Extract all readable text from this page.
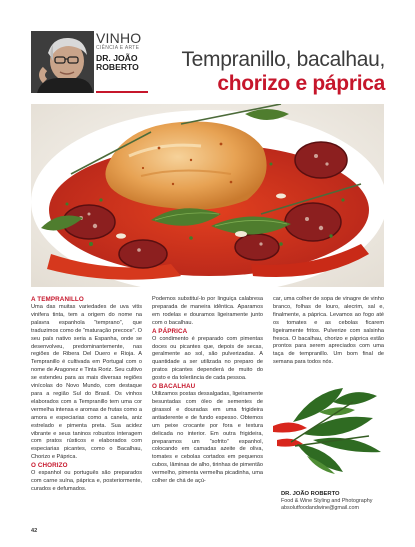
VINHO
CIÊNCIA E ARTE
DR. JOÃO
ROBERTO	Tempranillo, bacalhau,
chorizo e páprica

A TEMPRANILLO

Uma das muitas variedades de uva vitis vinifera tinta, tem a origem do nome na palavra espanhola “temprano”, que traduzimos como de “maturação precoce”. O seu país nativo seria a Espanha, onde se desenvolveu, predominantemente, nas regiões de Ribera Del Duero e Rioja. A Tempranillo é cultivada em Portugal com o nome de Aragonez e Tinta Roriz. Seu cultivo se estendeu para as mais diversas regiões vinícolas do Novo Mundo, com destaque para a região Sul do Brasil. Os vinhos elaborados com a Tempranillo tem uma cor vermelha intensa e aromas de frutas como a amora e especiarias como a canela, aniz estrelado e pimenta preta. Sua acidez vibrante e seus taninos robustos interagem com pratos rústicos e elaborados com especiarias picantes, como o Bacalhau, Chorizo e Páprica.

O CHORIZO

O espanhol ou português são preparados com carne suína, páprica e, posteriormente, curados e defumados.

Podemos substituí-lo por linguiça calabresa preparada de maneira idêntica. Aparamos em rodelas e douramos ligeiramente junto com o bacalhau.

A PÁPRICA

O condimento é preparado com pimentas doces ou picantes que, depois de secas, geralmente ao sol, são pulverizadas. A quantidade a ser utilizada no preparo de pratos picantes dependerá de muito do gosto e da tolerância de cada pessoa.

O BACALHAU

Utilizamos postas dessalgadas, ligeiramente besuntadas com óleo de sementes de girassol e douradas em uma frigideira antiaderente e de fundo espesso. Obtemos um peixe crocante por fora e textura delicada no interior. Em outra frigideira, preparamos um “sofrito” espanhol, colocando em camadas azeite de oliva, tomates e cebolas cortados em pequenos cubos, lâminas de alho, tirinhas de pimentão vermelho, pimenta vermelha picadinha, uma colher de chá de açú-

car, uma colher de sopa de vinagre de vinho branco, folhas de louro, alecrim, sal e, finalmente, a páprica. Levamos ao fogo até os tomates e as cebolas ficarem ligeiramente fritos. Pulverize com salsinha fresca. O bacalhau, chorizo e páprica estão prontos para serem apreciados com uma taça de tempranillo. Um bom final de semana para todos nós.

DR. JOÃO ROBERTO
Food & Wine Styling and Photography
absolutfoodandwine@gmail.com
42
